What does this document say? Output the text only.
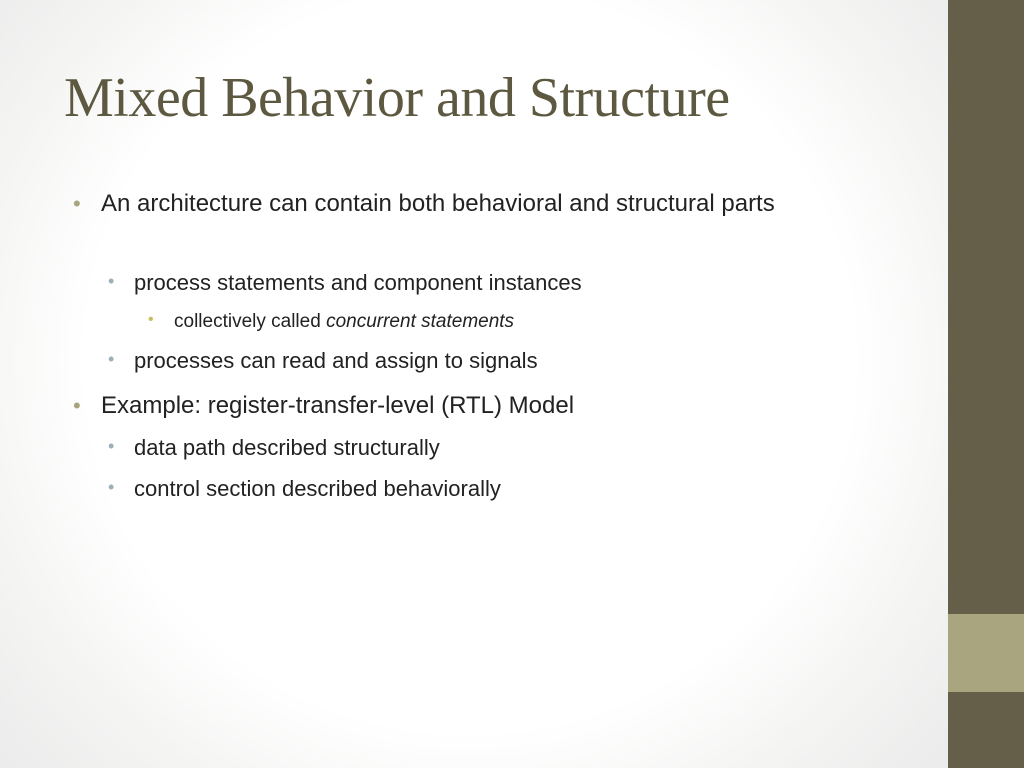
Mixed Behavior and Structure
• An architecture can contain both behavioral and structural parts
• process statements and component instances
• collectively called concurrent statements
• processes can read and assign to signals
• Example: register-transfer-level (RTL) Model
• data path described structurally
• control section described behaviorally
